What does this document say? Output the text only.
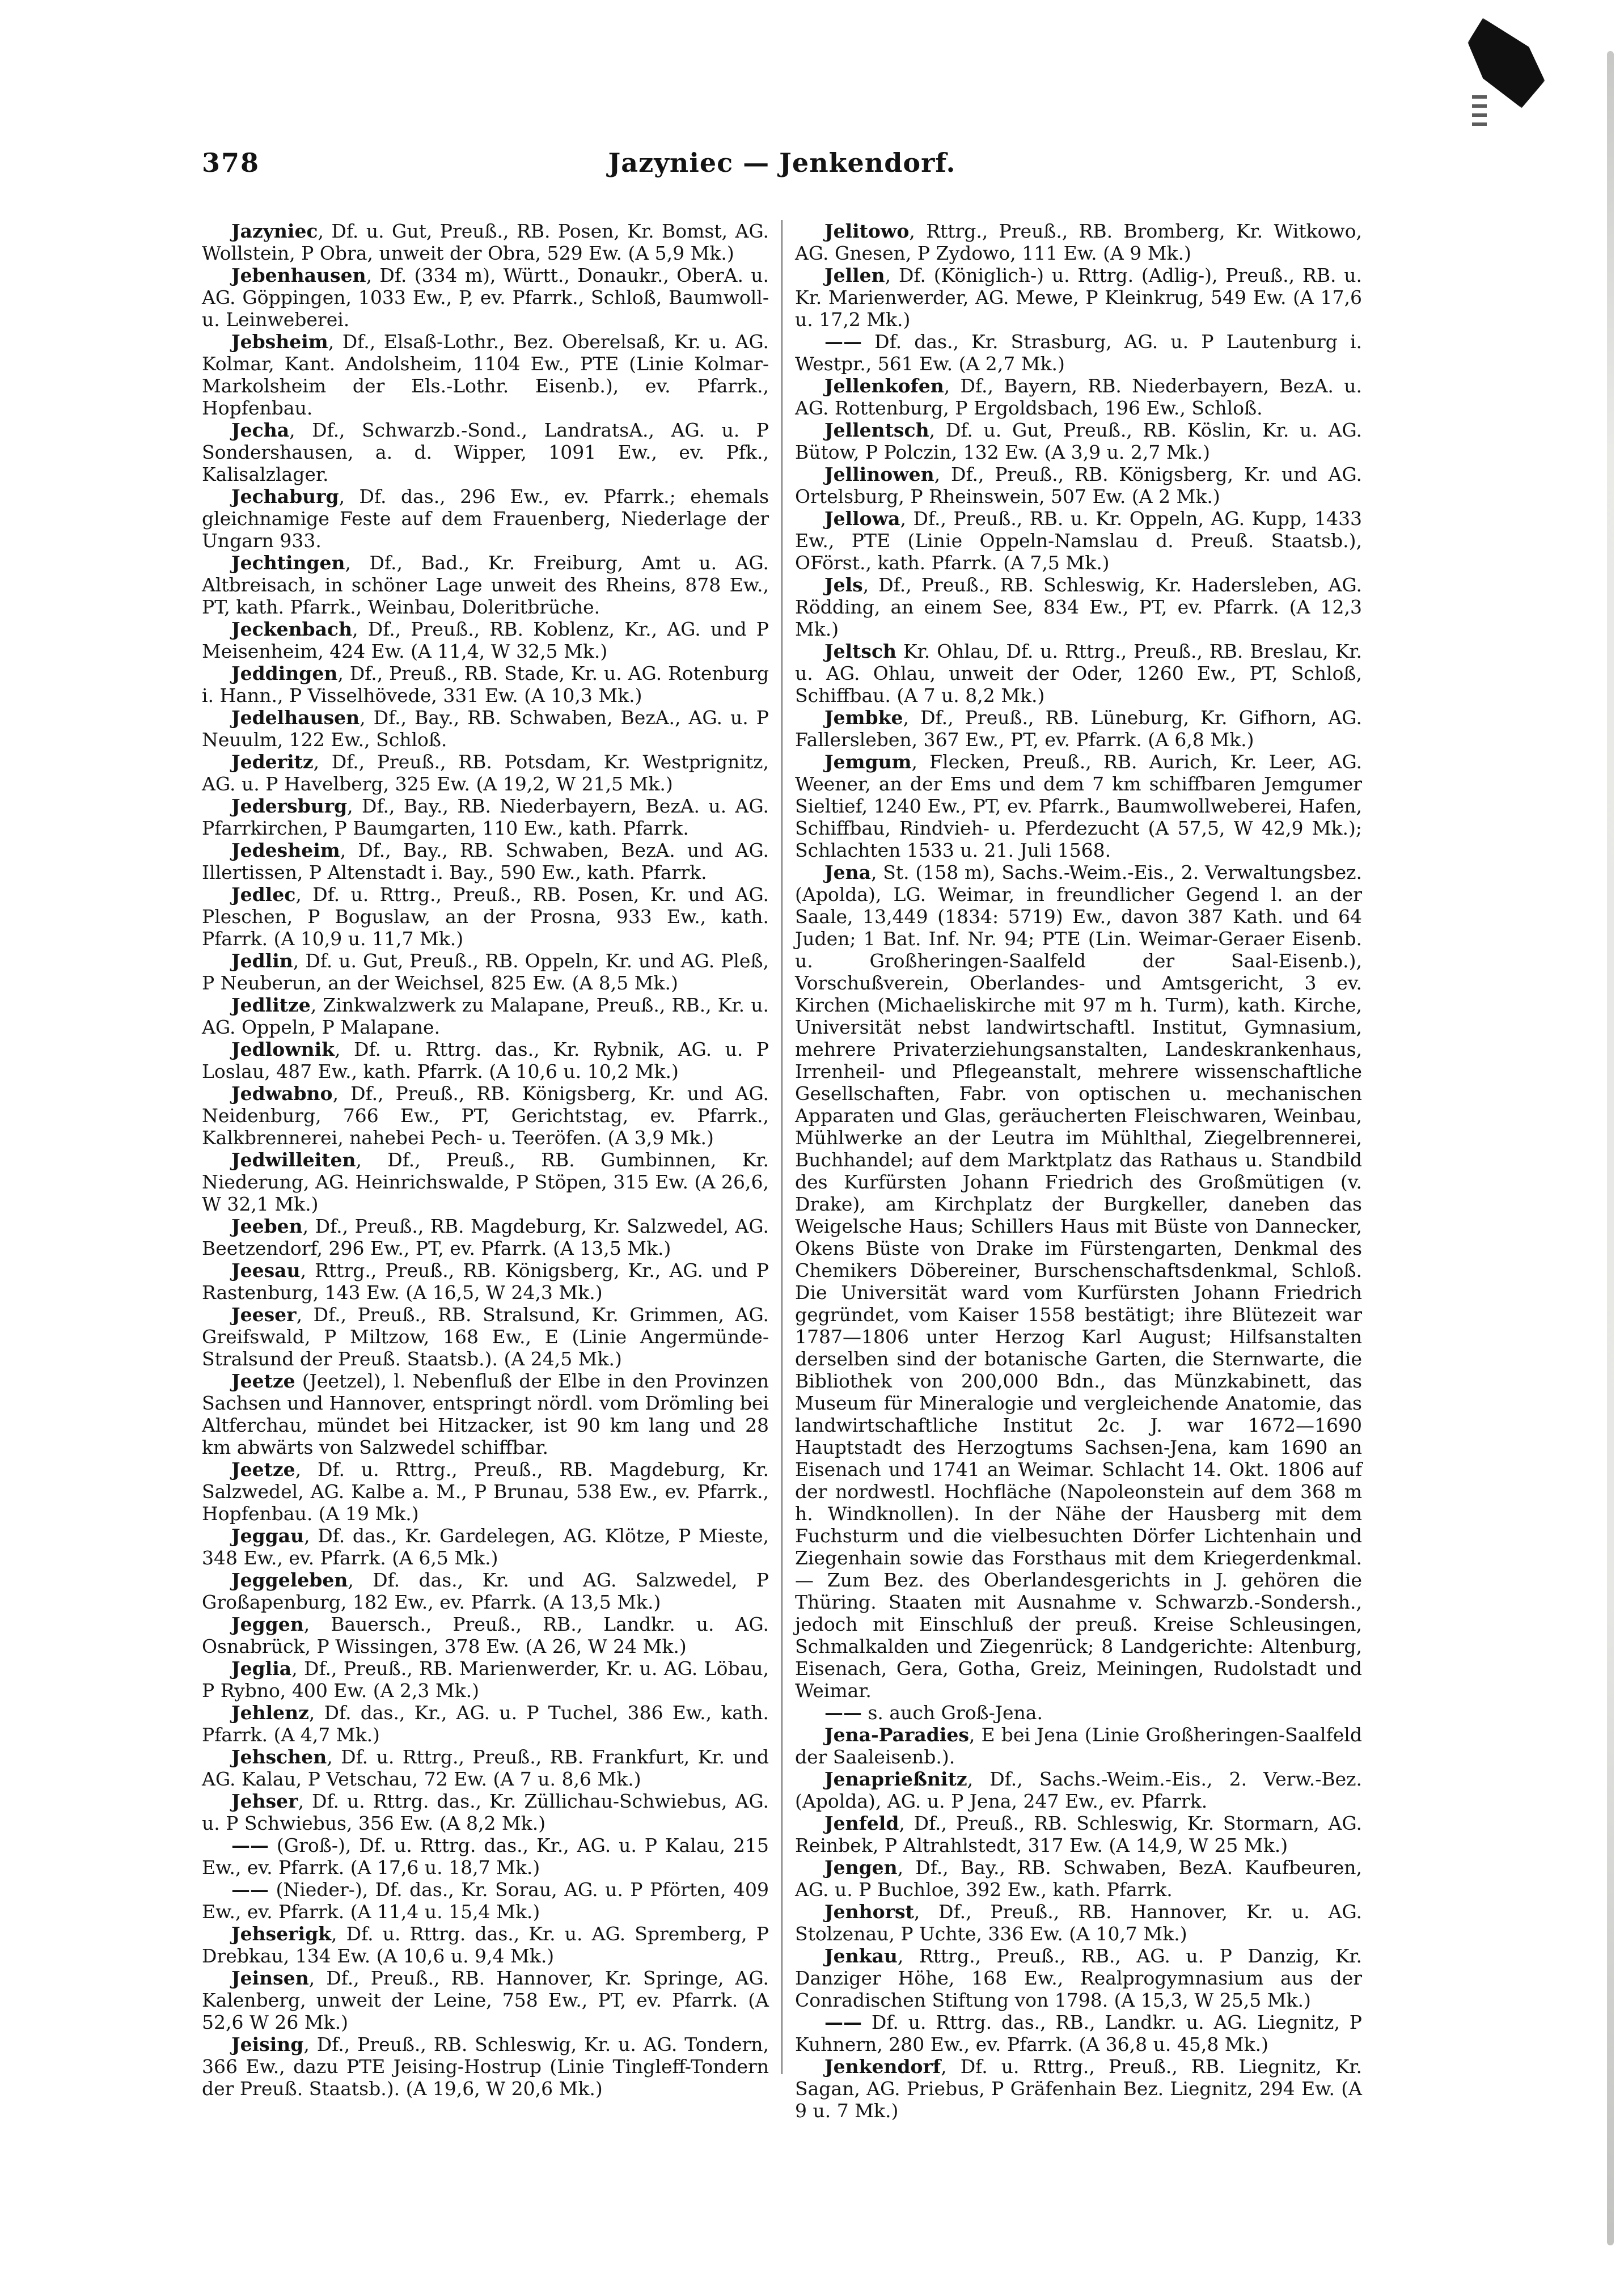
378	Jazyniec — Jenkendorf.

Jazyniec, Df. u. Gut, Preuß., RB. Posen, Kr. Bomst, AG. Wollstein, P Obra, unweit der Obra, 529 Ew. (A 5,9 Mk.)

Jebenhausen, Df. (334 m), Württ., Donaukr., OberA. u. AG. Göppingen, 1033 Ew., P, ev. Pfarrk., Schloß, Baumwoll- u. Leinweberei.

Jebsheim, Df., Elsaß-Lothr., Bez. Oberelsaß, Kr. u. AG. Kolmar, Kant. Andolsheim, 1104 Ew., PTE (Linie Kolmar-Markolsheim der Els.-Lothr. Eisenb.), ev. Pfarrk., Hopfenbau.

Jecha, Df., Schwarzb.-Sond., LandratsA., AG. u. P Sondershausen, a. d. Wipper, 1091 Ew., ev. Pfk., Kalisalzlager.

Jechaburg, Df. das., 296 Ew., ev. Pfarrk.; ehemals gleichnamige Feste auf dem Frauenberg, Niederlage der Ungarn 933.

Jechtingen, Df., Bad., Kr. Freiburg, Amt u. AG. Altbreisach, in schöner Lage unweit des Rheins, 878 Ew., PT, kath. Pfarrk., Weinbau, Doleritbrüche.

Jeckenbach, Df., Preuß., RB. Koblenz, Kr., AG. und P Meisenheim, 424 Ew. (A 11,4, W 32,5 Mk.)

Jeddingen, Df., Preuß., RB. Stade, Kr. u. AG. Rotenburg i. Hann., P Visselhövede, 331 Ew. (A 10,3 Mk.)

Jedelhausen, Df., Bay., RB. Schwaben, BezA., AG. u. P Neuulm, 122 Ew., Schloß.

Jederitz, Df., Preuß., RB. Potsdam, Kr. Westprignitz, AG. u. P Havelberg, 325 Ew. (A 19,2, W 21,5 Mk.)

Jedersburg, Df., Bay., RB. Niederbayern, BezA. u. AG. Pfarrkirchen, P Baumgarten, 110 Ew., kath. Pfarrk.

Jedesheim, Df., Bay., RB. Schwaben, BezA. und AG. Illertissen, P Altenstadt i. Bay., 590 Ew., kath. Pfarrk.

Jedlec, Df. u. Rttrg., Preuß., RB. Posen, Kr. und AG. Pleschen, P Boguslaw, an der Prosna, 933 Ew., kath. Pfarrk. (A 10,9 u. 11,7 Mk.)

Jedlin, Df. u. Gut, Preuß., RB. Oppeln, Kr. und AG. Pleß, P Neuberun, an der Weichsel, 825 Ew. (A 8,5 Mk.)

Jedlitze, Zinkwalzwerk zu Malapane, Preuß., RB., Kr. u. AG. Oppeln, P Malapane.

Jedlownik, Df. u. Rttrg. das., Kr. Rybnik, AG. u. P Loslau, 487 Ew., kath. Pfarrk. (A 10,6 u. 10,2 Mk.)

Jedwabno, Df., Preuß., RB. Königsberg, Kr. und AG. Neidenburg, 766 Ew., PT, Gerichtstag, ev. Pfarrk., Kalkbrennerei, nahebei Pech- u. Teeröfen. (A 3,9 Mk.)

Jedwilleiten, Df., Preuß., RB. Gumbinnen, Kr. Niederung, AG. Heinrichswalde, P Stöpen, 315 Ew. (A 26,6, W 32,1 Mk.)

Jeeben, Df., Preuß., RB. Magdeburg, Kr. Salzwedel, AG. Beetzendorf, 296 Ew., PT, ev. Pfarrk. (A 13,5 Mk.)

Jeesau, Rttrg., Preuß., RB. Königsberg, Kr., AG. und P Rastenburg, 143 Ew. (A 16,5, W 24,3 Mk.)

Jeeser, Df., Preuß., RB. Stralsund, Kr. Grimmen, AG. Greifswald, P Miltzow, 168 Ew., E (Linie Angermünde-Stralsund der Preuß. Staatsb.). (A 24,5 Mk.)

Jeetze (Jeetzel), l. Nebenfluß der Elbe in den Provinzen Sachsen und Hannover, entspringt nördl. vom Drömling bei Altferchau, mündet bei Hitzacker, ist 90 km lang und 28 km abwärts von Salzwedel schiffbar.

Jeetze, Df. u. Rttrg., Preuß., RB. Magdeburg, Kr. Salzwedel, AG. Kalbe a. M., P Brunau, 538 Ew., ev. Pfarrk., Hopfenbau. (A 19 Mk.)

Jeggau, Df. das., Kr. Gardelegen, AG. Klötze, P Mieste, 348 Ew., ev. Pfarrk. (A 6,5 Mk.)

Jeggeleben, Df. das., Kr. und AG. Salzwedel, P Großapenburg, 182 Ew., ev. Pfarrk. (A 13,5 Mk.)

Jeggen, Bauersch., Preuß., RB., Landkr. u. AG. Osnabrück, P Wissingen, 378 Ew. (A 26, W 24 Mk.)

Jeglia, Df., Preuß., RB. Marienwerder, Kr. u. AG. Löbau, P Rybno, 400 Ew. (A 2,3 Mk.)

Jehlenz, Df. das., Kr., AG. u. P Tuchel, 386 Ew., kath. Pfarrk. (A 4,7 Mk.)

Jehschen, Df. u. Rttrg., Preuß., RB. Frankfurt, Kr. und AG. Kalau, P Vetschau, 72 Ew. (A 7 u. 8,6 Mk.)

Jehser, Df. u. Rttrg. das., Kr. Züllichau-Schwiebus, AG. u. P Schwiebus, 356 Ew. (A 8,2 Mk.)

—— (Groß-), Df. u. Rttrg. das., Kr., AG. u. P Kalau, 215 Ew., ev. Pfarrk. (A 17,6 u. 18,7 Mk.)

—— (Nieder-), Df. das., Kr. Sorau, AG. u. P Pförten, 409 Ew., ev. Pfarrk. (A 11,4 u. 15,4 Mk.)

Jehserigk, Df. u. Rttrg. das., Kr. u. AG. Spremberg, P Drebkau, 134 Ew. (A 10,6 u. 9,4 Mk.)

Jeinsen, Df., Preuß., RB. Hannover, Kr. Springe, AG. Kalenberg, unweit der Leine, 758 Ew., PT, ev. Pfarrk. (A 52,6 W 26 Mk.)

Jeising, Df., Preuß., RB. Schleswig, Kr. u. AG. Tondern, 366 Ew., dazu PTE Jeising-Hostrup (Linie Tingleff-Tondern der Preuß. Staatsb.). (A 19,6, W 20,6 Mk.)

Jelitowo, Rttrg., Preuß., RB. Bromberg, Kr. Witkowo, AG. Gnesen, P Zydowo, 111 Ew. (A 9 Mk.)

Jellen, Df. (Königlich-) u. Rttrg. (Adlig-), Preuß., RB. u. Kr. Marienwerder, AG. Mewe, P Kleinkrug, 549 Ew. (A 17,6 u. 17,2 Mk.)

—— Df. das., Kr. Strasburg, AG. u. P Lautenburg i. Westpr., 561 Ew. (A 2,7 Mk.)

Jellenkofen, Df., Bayern, RB. Niederbayern, BezA. u. AG. Rottenburg, P Ergoldsbach, 196 Ew., Schloß.

Jellentsch, Df. u. Gut, Preuß., RB. Köslin, Kr. u. AG. Bütow, P Polczin, 132 Ew. (A 3,9 u. 2,7 Mk.)

Jellinowen, Df., Preuß., RB. Königsberg, Kr. und AG. Ortelsburg, P Rheinswein, 507 Ew. (A 2 Mk.)

Jellowa, Df., Preuß., RB. u. Kr. Oppeln, AG. Kupp, 1433 Ew., PTE (Linie Oppeln-Namslau d. Preuß. Staatsb.), OFörst., kath. Pfarrk. (A 7,5 Mk.)

Jels, Df., Preuß., RB. Schleswig, Kr. Hadersleben, AG. Rödding, an einem See, 834 Ew., PT, ev. Pfarrk. (A 12,3 Mk.)

Jeltsch Kr. Ohlau, Df. u. Rttrg., Preuß., RB. Breslau, Kr. u. AG. Ohlau, unweit der Oder, 1260 Ew., PT, Schloß, Schiffbau. (A 7 u. 8,2 Mk.)

Jembke, Df., Preuß., RB. Lüneburg, Kr. Gifhorn, AG. Fallersleben, 367 Ew., PT, ev. Pfarrk. (A 6,8 Mk.)

Jemgum, Flecken, Preuß., RB. Aurich, Kr. Leer, AG. Weener, an der Ems und dem 7 km schiffbaren Jemgumer Sieltief, 1240 Ew., PT, ev. Pfarrk., Baumwollweberei, Hafen, Schiffbau, Rindvieh- u. Pferdezucht (A 57,5, W 42,9 Mk.); Schlachten 1533 u. 21. Juli 1568.

Jena, St. (158 m), Sachs.-Weim.-Eis., 2. Verwaltungsbez. (Apolda), LG. Weimar, in freundlicher Gegend l. an der Saale, 13,449 (1834: 5719) Ew., davon 387 Kath. und 64 Juden; 1 Bat. Inf. Nr. 94; PTE (Lin. Weimar-Geraer Eisenb. u. Großheringen-Saalfeld der Saal-Eisenb.), Vorschußverein, Oberlandes- und Amtsgericht, 3 ev. Kirchen (Michaeliskirche mit 97 m h. Turm), kath. Kirche, Universität nebst landwirtschaftl. Institut, Gymnasium, mehrere Privaterziehungsanstalten, Landeskrankenhaus, Irrenheil- und Pflegeanstalt, mehrere wissenschaftliche Gesellschaften, Fabr. von optischen u. mechanischen Apparaten und Glas, geräucherten Fleischwaren, Weinbau, Mühlwerke an der Leutra im Mühlthal, Ziegelbrennerei, Buchhandel; auf dem Marktplatz das Rathaus u. Standbild des Kurfürsten Johann Friedrich des Großmütigen (v. Drake), am Kirchplatz der Burgkeller, daneben das Weigelsche Haus; Schillers Haus mit Büste von Dannecker, Okens Büste von Drake im Fürstengarten, Denkmal des Chemikers Döbereiner, Burschenschaftsdenkmal, Schloß. Die Universität ward vom Kurfürsten Johann Friedrich gegründet, vom Kaiser 1558 bestätigt; ihre Blütezeit war 1787—1806 unter Herzog Karl August; Hilfsanstalten derselben sind der botanische Garten, die Sternwarte, die Bibliothek von 200,000 Bdn., das Münzkabinett, das Museum für Mineralogie und vergleichende Anatomie, das landwirtschaftliche Institut 2c. J. war 1672—1690 Hauptstadt des Herzogtums Sachsen-Jena, kam 1690 an Eisenach und 1741 an Weimar. Schlacht 14. Okt. 1806 auf der nordwestl. Hochfläche (Napoleonstein auf dem 368 m h. Windknollen). In der Nähe der Hausberg mit dem Fuchsturm und die vielbesuchten Dörfer Lichtenhain und Ziegenhain sowie das Forsthaus mit dem Kriegerdenkmal. — Zum Bez. des Oberlandesgerichts in J. gehören die Thüring. Staaten mit Ausnahme v. Schwarzb.-Sondersh., jedoch mit Einschluß der preuß. Kreise Schleusingen, Schmalkalden und Ziegenrück; 8 Landgerichte: Altenburg, Eisenach, Gera, Gotha, Greiz, Meiningen, Rudolstadt und Weimar.

—— s. auch Groß-Jena.

Jena-Paradies, E bei Jena (Linie Großheringen-Saalfeld der Saaleisenb.).

Jenaprießnitz, Df., Sachs.-Weim.-Eis., 2. Verw.-Bez. (Apolda), AG. u. P Jena, 247 Ew., ev. Pfarrk.

Jenfeld, Df., Preuß., RB. Schleswig, Kr. Stormarn, AG. Reinbek, P Altrahlstedt, 317 Ew. (A 14,9, W 25 Mk.)

Jengen, Df., Bay., RB. Schwaben, BezA. Kaufbeuren, AG. u. P Buchloe, 392 Ew., kath. Pfarrk.

Jenhorst, Df., Preuß., RB. Hannover, Kr. u. AG. Stolzenau, P Uchte, 336 Ew. (A 10,7 Mk.)

Jenkau, Rttrg., Preuß., RB., AG. u. P Danzig, Kr. Danziger Höhe, 168 Ew., Realprogymnasium aus der Conradischen Stiftung von 1798. (A 15,3, W 25,5 Mk.)

—— Df. u. Rttrg. das., RB., Landkr. u. AG. Liegnitz, P Kuhnern, 280 Ew., ev. Pfarrk. (A 36,8 u. 45,8 Mk.)

Jenkendorf, Df. u. Rttrg., Preuß., RB. Liegnitz, Kr. Sagan, AG. Priebus, P Gräfenhain Bez. Liegnitz, 294 Ew. (A 9 u. 7 Mk.)
